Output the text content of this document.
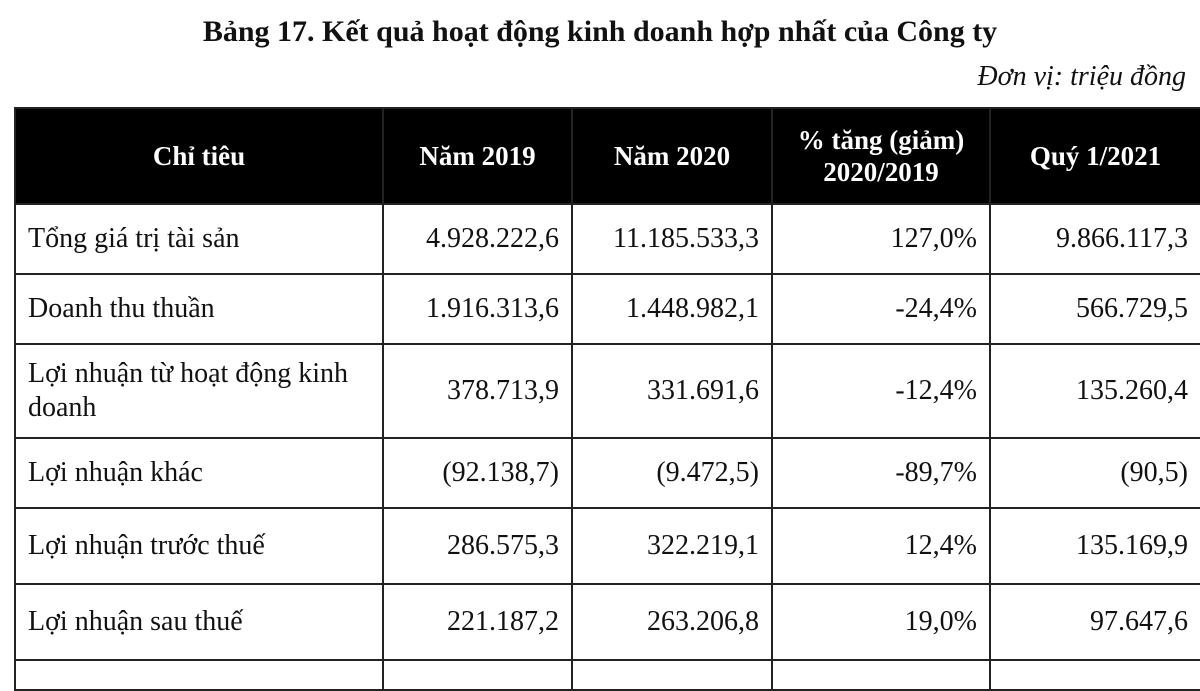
Bảng 17. Kết quả hoạt động kinh doanh hợp nhất của Công ty
Đơn vị: triệu đồng
Chỉ tiêu	Năm 2019	Năm 2020	% tăng (giảm) 2020/2019	Quý 1/2021
Tổng giá trị tài sản	4.928.222,6	11.185.533,3	127,0%	9.866.117,3
Doanh thu thuần	1.916.313,6	1.448.982,1	-24,4%	566.729,5
Lợi nhuận từ hoạt động kinh doanh	378.713,9	331.691,6	-12,4%	135.260,4
Lợi nhuận khác	(92.138,7)	(9.472,5)	-89,7%	(90,5)
Lợi nhuận trước thuế	286.575,3	322.219,1	12,4%	135.169,9
Lợi nhuận sau thuế	221.187,2	263.206,8	19,0%	97.647,6
